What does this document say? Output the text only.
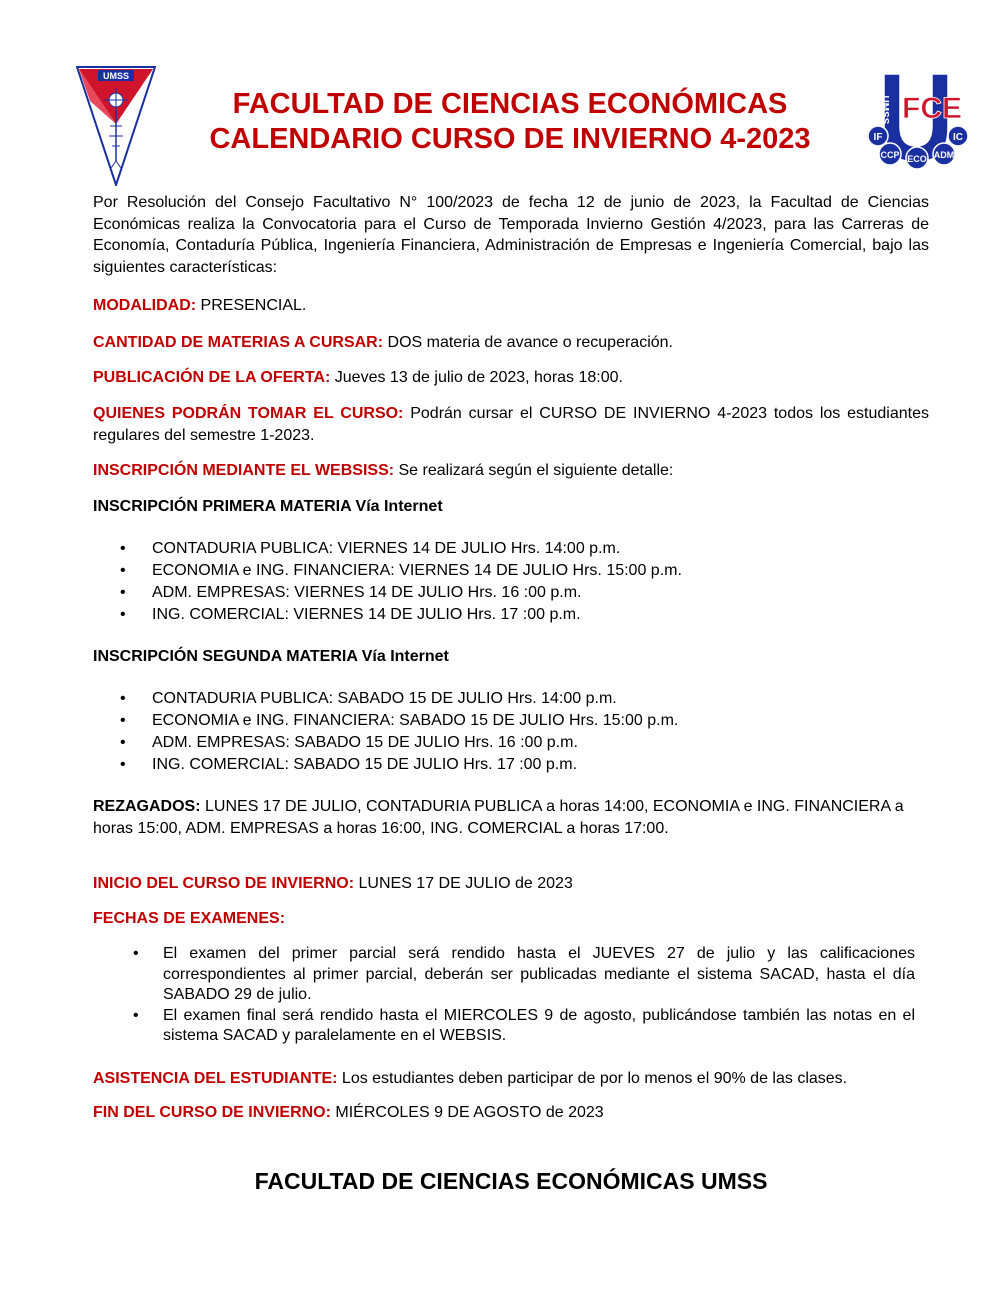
UMSS
UMSS FCE
IF	IC
CCP	ADM
ECO
FACULTAD DE CIENCIAS ECONÓMICAS
CALENDARIO CURSO DE INVIERNO 4-2023

Por Resolución del Consejo Facultativo N° 100/2023 de fecha 12 de junio de 2023, la Facultad de Ciencias Económicas realiza la Convocatoria para el Curso de Temporada Invierno Gestión 4/2023, para las Carreras de Economía, Contaduría Pública, Ingeniería Financiera, Administración de Empresas e Ingeniería Comercial, bajo las siguientes características:

MODALIDAD: PRESENCIAL.

CANTIDAD DE MATERIAS A CURSAR: DOS materia de avance o recuperación.

PUBLICACIÓN DE LA OFERTA: Jueves 13 de julio de 2023, horas 18:00.

QUIENES PODRÁN TOMAR EL CURSO: Podrán cursar el CURSO DE INVIERNO 4-2023 todos los estudiantes regulares del semestre 1-2023.

INSCRIPCIÓN MEDIANTE EL WEBSISS: Se realizará según el siguiente detalle:

INSCRIPCIÓN PRIMERA MATERIA Vía Internet

• CONTADURIA PUBLICA: VIERNES 14 DE JULIO Hrs. 14:00 p.m.
• ECONOMIA e ING. FINANCIERA: VIERNES 14 DE JULIO Hrs. 15:00 p.m.
• ADM. EMPRESAS: VIERNES 14 DE JULIO Hrs. 16 :00 p.m.
• ING. COMERCIAL: VIERNES 14 DE JULIO Hrs. 17 :00 p.m.

INSCRIPCIÓN SEGUNDA MATERIA Vía Internet

• CONTADURIA PUBLICA: SABADO 15 DE JULIO Hrs. 14:00 p.m.
• ECONOMIA e ING. FINANCIERA: SABADO 15 DE JULIO Hrs. 15:00 p.m.
• ADM. EMPRESAS: SABADO 15 DE JULIO Hrs. 16 :00 p.m.
• ING. COMERCIAL: SABADO 15 DE JULIO Hrs. 17 :00 p.m.

REZAGADOS: LUNES 17 DE JULIO, CONTADURIA PUBLICA a horas 14:00, ECONOMIA e ING. FINANCIERA a horas 15:00, ADM. EMPRESAS a horas 16:00, ING. COMERCIAL a horas 17:00.

INICIO DEL CURSO DE INVIERNO: LUNES 17 DE JULIO de 2023

FECHAS DE EXAMENES:

• El examen del primer parcial será rendido hasta el JUEVES 27 de julio y las calificaciones correspondientes al primer parcial, deberán ser publicadas mediante el sistema SACAD, hasta el día SABADO 29 de julio.
• El examen final será rendido hasta el MIERCOLES 9 de agosto, publicándose también las notas en el sistema SACAD y paralelamente en el WEBSIS.

ASISTENCIA DEL ESTUDIANTE: Los estudiantes deben participar de por lo menos el 90% de las clases.

FIN DEL CURSO DE INVIERNO: MIÉRCOLES 9 DE AGOSTO de 2023

FACULTAD DE CIENCIAS ECONÓMICAS UMSS
